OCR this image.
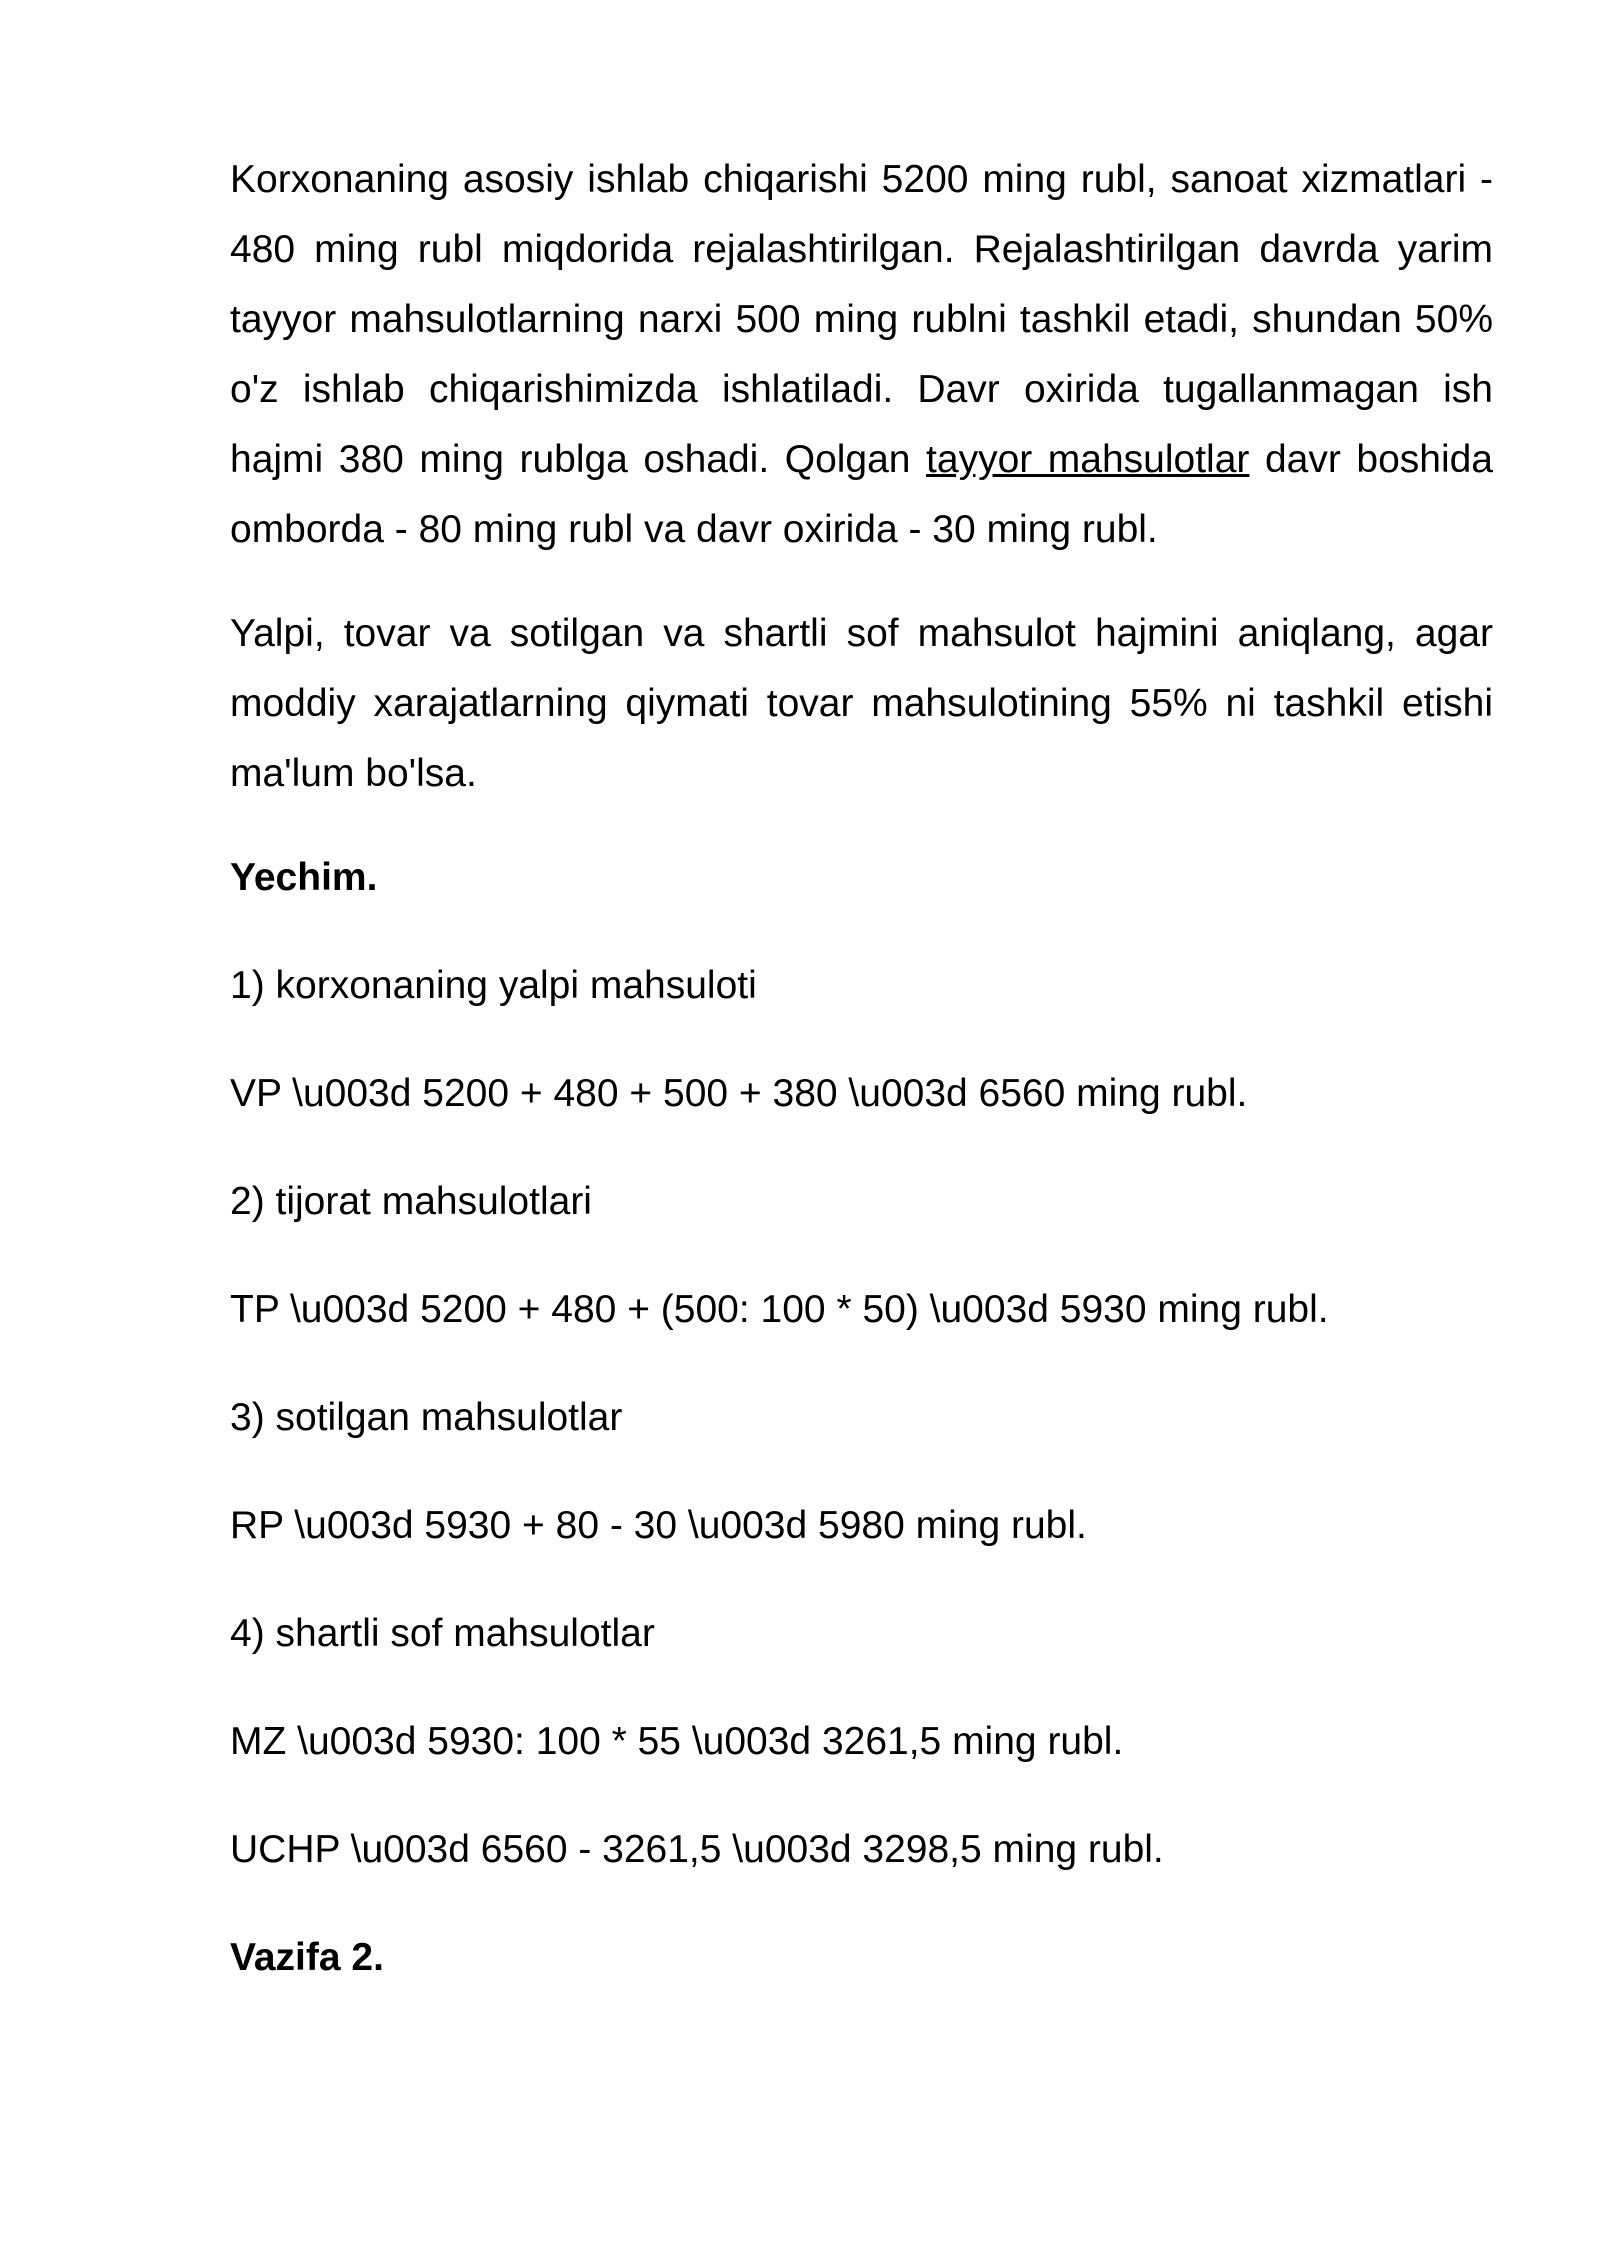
Korxonaning asosiy ishlab chiqarishi 5200 ming rubl, sanoat xizmatlari - 480 ming rubl miqdorida rejalashtirilgan. Rejalashtirilgan davrda yarim tayyor mahsulotlarning narxi 500 ming rublni tashkil etadi, shundan 50% o'z ishlab chiqarishimizda ishlatiladi. Davr oxirida tugallanmagan ish hajmi 380 ming rublga oshadi. Qolgan tayyor mahsulotlar davr boshida omborda - 80 ming rubl va davr oxirida - 30 ming rubl.

Yalpi, tovar va sotilgan va shartli sof mahsulot hajmini aniqlang, agar moddiy xarajatlarning qiymati tovar mahsulotining 55% ni tashkil etishi ma'lum bo'lsa.

Yechim.

1) korxonaning yalpi mahsuloti

VP \u003d 5200 + 480 + 500 + 380 \u003d 6560 ming rubl.

2) tijorat mahsulotlari

TP \u003d 5200 + 480 + (500: 100 * 50) \u003d 5930 ming rubl.

3) sotilgan mahsulotlar

RP \u003d 5930 + 80 - 30 \u003d 5980 ming rubl.

4) shartli sof mahsulotlar

MZ \u003d 5930: 100 * 55 \u003d 3261,5 ming rubl.

UCHP \u003d 6560 - 3261,5 \u003d 3298,5 ming rubl.

Vazifa 2.
